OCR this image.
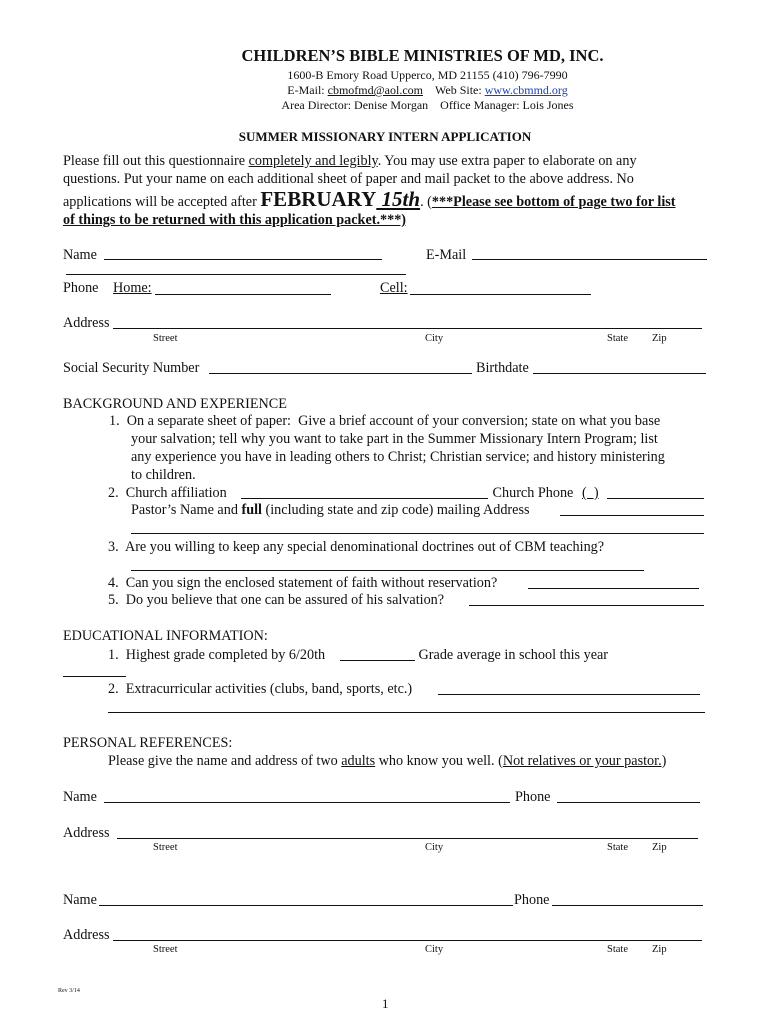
CHILDREN’S BIBLE MINISTRIES OF MD, INC.
1600-B Emory Road Upperco, MD 21155 (410) 796-7990
E-Mail: cbmofmd@aol.com Web Site: www.cbmmd.org
Area Director: Denise Morgan    Office Manager: Lois Jones
SUMMER MISSIONARY INTERN APPLICATION
Please fill out this questionnaire completely and legibly. You may use extra paper to elaborate on any
questions. Put your name on each additional sheet of paper and mail packet to the above address. No
applications will be accepted after FEBRUARY 15th. (***Please see bottom of page two for list
of things to be returned with this application packet.***)
Name	E-Mail
Phone Home:	Cell:
Address
Street	City	State Zip
Social Security Number	Birthdate
BACKGROUND AND EXPERIENCE
1.  On a separate sheet of paper:  Give a brief account of your conversion; state on what you base
your salvation; tell why you want to take part in the Summer Missionary Intern Program; list
any experience you have in leading others to Christ; Christian service; and history ministering
to children.
2.  Church affiliation	Church Phone (  )
Pastor’s Name and full (including state and zip code) mailing Address
3.  Are you willing to keep any special denominational doctrines out of CBM teaching?
4.  Can you sign the enclosed statement of faith without reservation?
5.  Do you believe that one can be assured of his salvation?
EDUCATIONAL INFORMATION:
1.  Highest grade completed by 6/20th	Grade average in school this year
2.  Extracurricular activities (clubs, band, sports, etc.)
PERSONAL REFERENCES:
Please give the name and address of two adults who know you well. (Not relatives or your pastor.)
Name	Phone
Address
Street	City	State Zip
Name	Phone
Address
Street	City	State Zip
Rev 3/14
1
